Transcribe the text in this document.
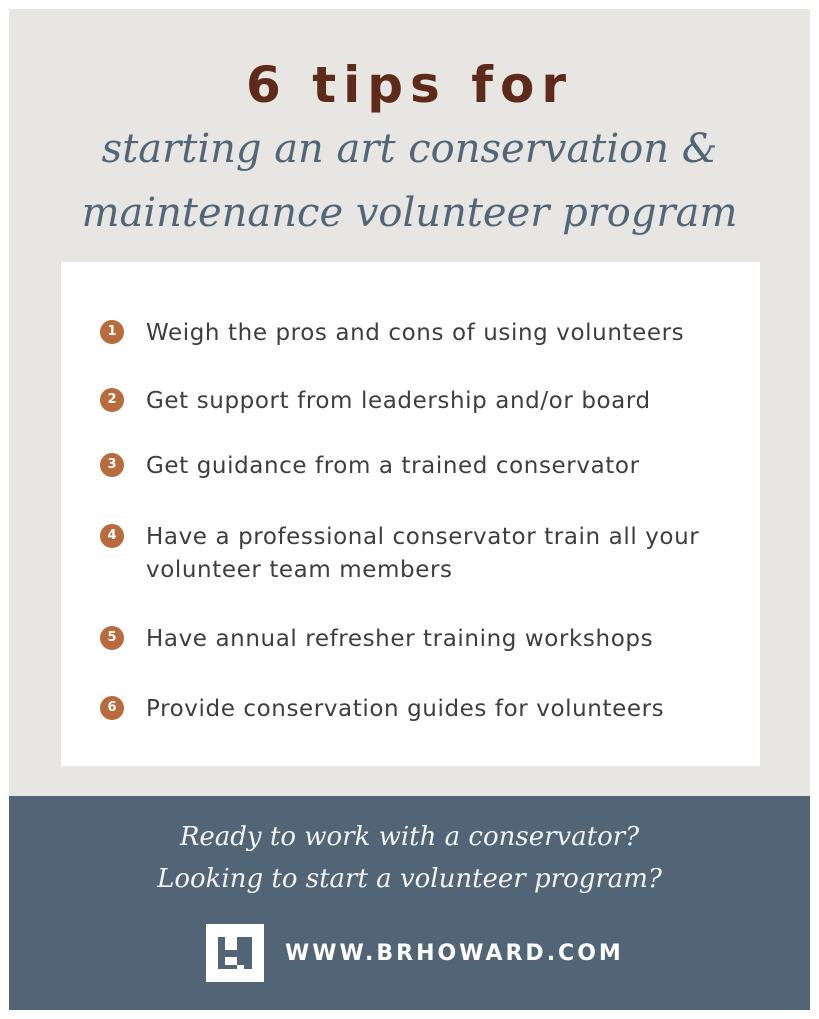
6 tips for
starting an art conservation &
maintenance volunteer program
1	Weigh the pros and cons of using volunteers
2	Get support from leadership and/or board
3	Get guidance from a trained conservator
4	Have a professional conservator train all your
volunteer team members
5	Have annual refresher training workshops
6	Provide conservation guides for volunteers
Ready to work with a conservator?
Looking to start a volunteer program?
WWW.BRHOWARD.COM
